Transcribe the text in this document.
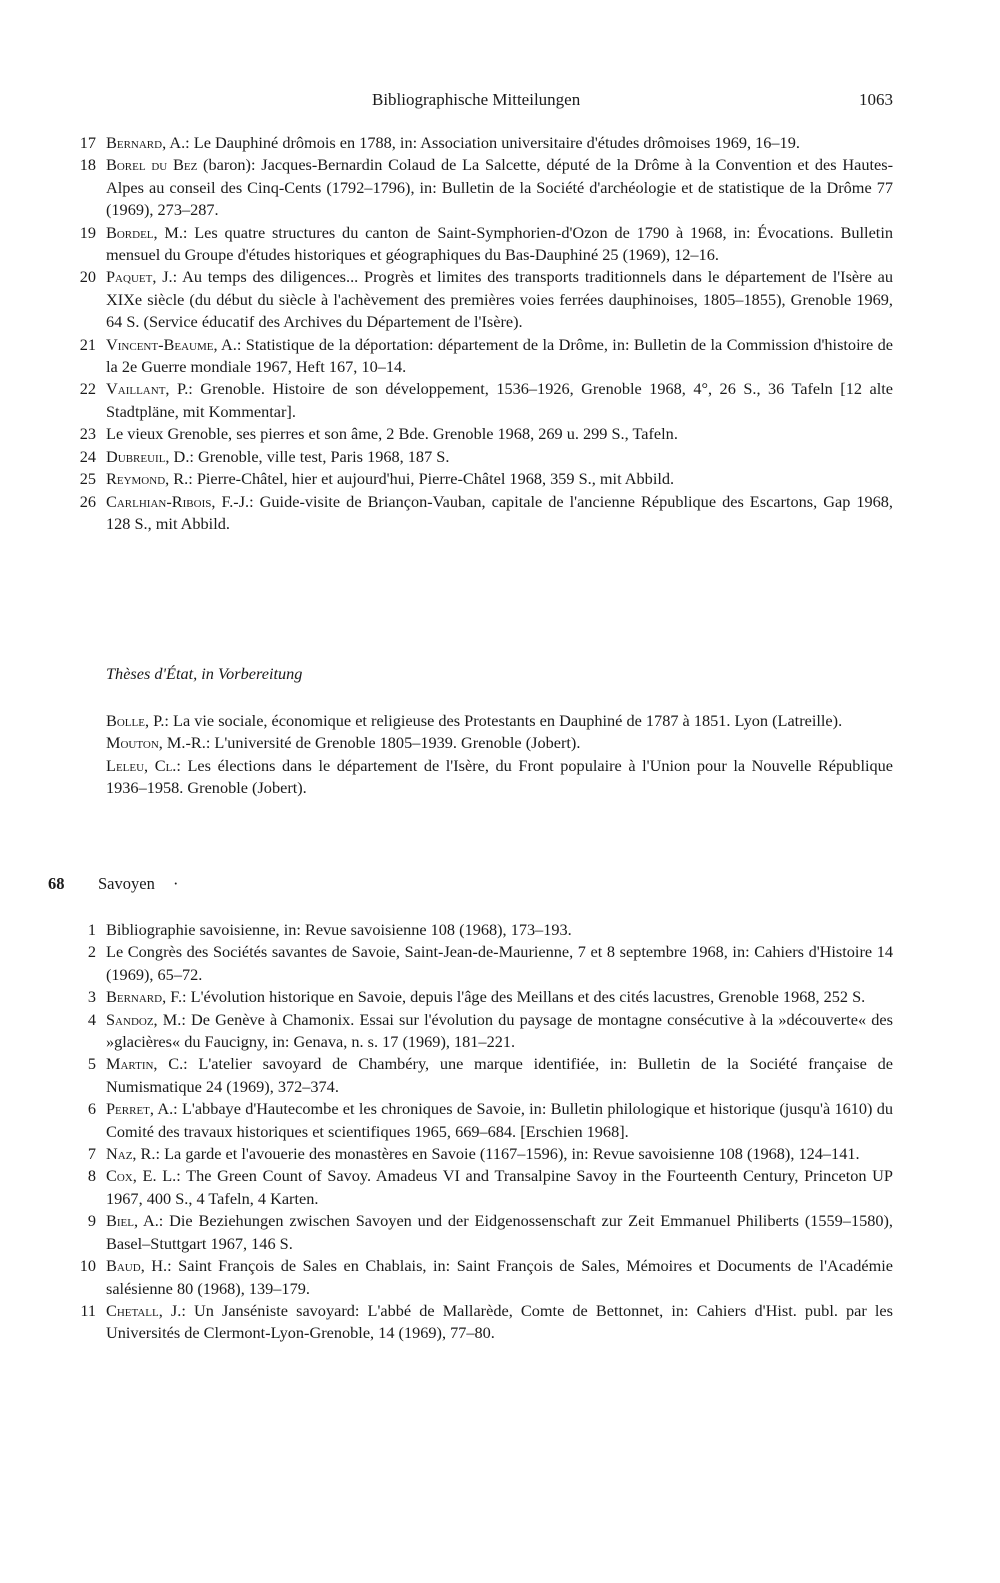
Bibliographische Mitteilungen	1063

17 Bernard, A.: Le Dauphiné drômois en 1788, in: Association universitaire d'études drômoises 1969, 16–19.

18 Borel du Bez (baron): Jacques-Bernardin Colaud de La Salcette, député de la Drôme à la Convention et des Hautes-Alpes au conseil des Cinq-Cents (1792–1796), in: Bulletin de la Société d'archéologie et de statistique de la Drôme 77 (1969), 273–287.

19 Bordel, M.: Les quatre structures du canton de Saint-Symphorien-d'Ozon de 1790 à 1968, in: Évocations. Bulletin mensuel du Groupe d'études historiques et géographiques du Bas-Dauphiné 25 (1969), 12–16.

20 Paquet, J.: Au temps des diligences... Progrès et limites des transports traditionnels dans le département de l'Isère au XIXe siècle (du début du siècle à l'achèvement des premières voies ferrées dauphinoises, 1805–1855), Grenoble 1969, 64 S. (Service éducatif des Archives du Département de l'Isère).

21 Vincent-Beaume, A.: Statistique de la déportation: département de la Drôme, in: Bulletin de la Commission d'histoire de la 2e Guerre mondiale 1967, Heft 167, 10–14.

22 Vaillant, P.: Grenoble. Histoire de son développement, 1536–1926, Grenoble 1968, 4°, 26 S., 36 Tafeln [12 alte Stadtpläne, mit Kommentar].

23 Le vieux Grenoble, ses pierres et son âme, 2 Bde. Grenoble 1968, 269 u. 299 S., Tafeln.

24 Dubreuil, D.: Grenoble, ville test, Paris 1968, 187 S.

25 Reymond, R.: Pierre-Châtel, hier et aujourd'hui, Pierre-Châtel 1968, 359 S., mit Abbild.

26 Carlhian-Ribois, F.-J.: Guide-visite de Briançon-Vauban, capitale de l'ancienne République des Escartons, Gap 1968, 128 S., mit Abbild.

Thèses d'État, in Vorbereitung

Bolle, P.: La vie sociale, économique et religieuse des Protestants en Dauphiné de 1787 à 1851. Lyon (Latreille).

Mouton, M.-R.: L'université de Grenoble 1805–1939. Grenoble (Jobert).

Leleu, Cl.: Les élections dans le département de l'Isère, du Front populaire à l'Union pour la Nouvelle République 1936–1958. Grenoble (Jobert).

68 Savoyen ·

1 Bibliographie savoisienne, in: Revue savoisienne 108 (1968), 173–193.

2 Le Congrès des Sociétés savantes de Savoie, Saint-Jean-de-Maurienne, 7 et 8 septembre 1968, in: Cahiers d'Histoire 14 (1969), 65–72.

3 Bernard, F.: L'évolution historique en Savoie, depuis l'âge des Meillans et des cités lacustres, Grenoble 1968, 252 S.

4 Sandoz, M.: De Genève à Chamonix. Essai sur l'évolution du paysage de montagne consécutive à la »découverte« des »glacières« du Faucigny, in: Genava, n. s. 17 (1969), 181–221.

5 Martin, C.: L'atelier savoyard de Chambéry, une marque identifiée, in: Bulletin de la Société française de Numismatique 24 (1969), 372–374.

6 Perret, A.: L'abbaye d'Hautecombe et les chroniques de Savoie, in: Bulletin philologique et historique (jusqu'à 1610) du Comité des travaux historiques et scientifiques 1965, 669–684. [Erschien 1968].

7 Naz, R.: La garde et l'avouerie des monastères en Savoie (1167–1596), in: Revue savoisienne 108 (1968), 124–141.

8 Cox, E. L.: The Green Count of Savoy. Amadeus VI and Transalpine Savoy in the Fourteenth Century, Princeton UP 1967, 400 S., 4 Tafeln, 4 Karten.

9 Biel, A.: Die Beziehungen zwischen Savoyen und der Eidgenossenschaft zur Zeit Emmanuel Philiberts (1559–1580), Basel–Stuttgart 1967, 146 S.

10 Baud, H.: Saint François de Sales en Chablais, in: Saint François de Sales, Mémoires et Documents de l'Académie salésienne 80 (1968), 139–179.

11 Chetall, J.: Un Janséniste savoyard: L'abbé de Mallarède, Comte de Bettonnet, in: Cahiers d'Hist. publ. par les Universités de Clermont-Lyon-Grenoble, 14 (1969), 77–80.
